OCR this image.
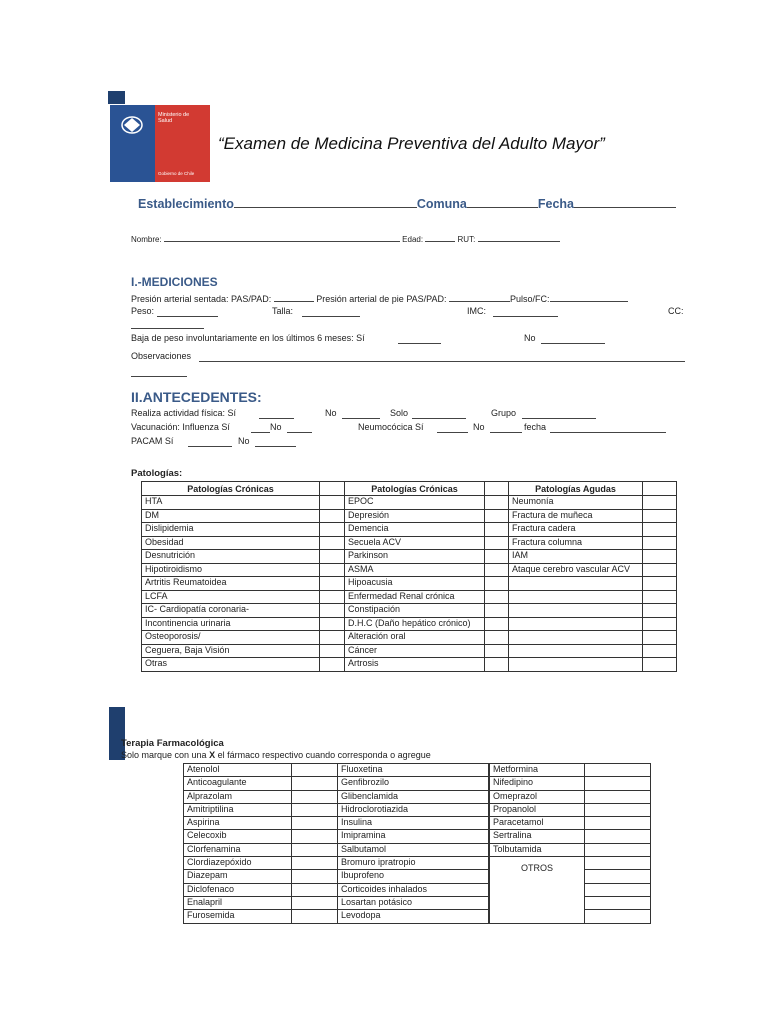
Ministerio de
Salud
Gobierno de Chile
“Examen de Medicina Preventiva del Adulto Mayor”
Establecimiento	Comuna	Fecha
Nombre:	Edad:	RUT:
I.-MEDICIONES
Presión arterial sentada: PAS/PAD:	Presión arterial de pie PAS/PAD:	Pulso/FC:
Peso:	Talla:	IMC:	CC:
Baja de peso involuntariamente en los últimos 6 meses: Sí	No
Observaciones
II.ANTECEDENTES:
Realiza actividad física: Sí	No	Solo	Grupo
Vacunación: Influenza Sí	No	Neumocócica Sí	No	fecha
PACAM Sí	No
Patologías:
Patologías Crónicas		Patologías Crónicas		Patologías Agudas	
HTA		EPOC		Neumonía	
DM		Depresión		Fractura de muñeca	
Dislipidemia		Demencia		Fractura cadera	
Obesidad		Secuela ACV		Fractura columna	
Desnutrición		Parkinson		IAM	
Hipotiroidismo		ASMA		Ataque cerebro vascular ACV	
Artritis Reumatoidea		Hipoacusia			
LCFA		Enfermedad Renal crónica			
IC- Cardiopatía coronaria-		Constipación			
Incontinencia urinaria		D.H.C (Daño hepático crónico)			
Osteoporosis/		Alteración oral			
Ceguera, Baja Visión		Cáncer			
Otras		Artrosis			
Terapia Farmacológica
Solo marque con una X el fármaco respectivo cuando corresponda o agregue
Atenolol		Fluoxetina		Metformina	
Anticoagulante		Genfibrozilo		Nifedipino	
Alprazolam		Glibenclamida		Omeprazol	
Amitriptilina		Hidroclorotiazida		Propanolol	
Aspirina		Insulina		Paracetamol	
Celecoxib		Imipramina		Sertralina	
Clorfenamina		Salbutamol		Tolbutamida	
Clordiazepóxido		Bromuro ipratropio		OTROS	

Diazepam		Ibuprofeno		
Diclofenaco		Corticoides inhalados		
Enalapril		Losartan potásico		
Furosemida		Levodopa		
